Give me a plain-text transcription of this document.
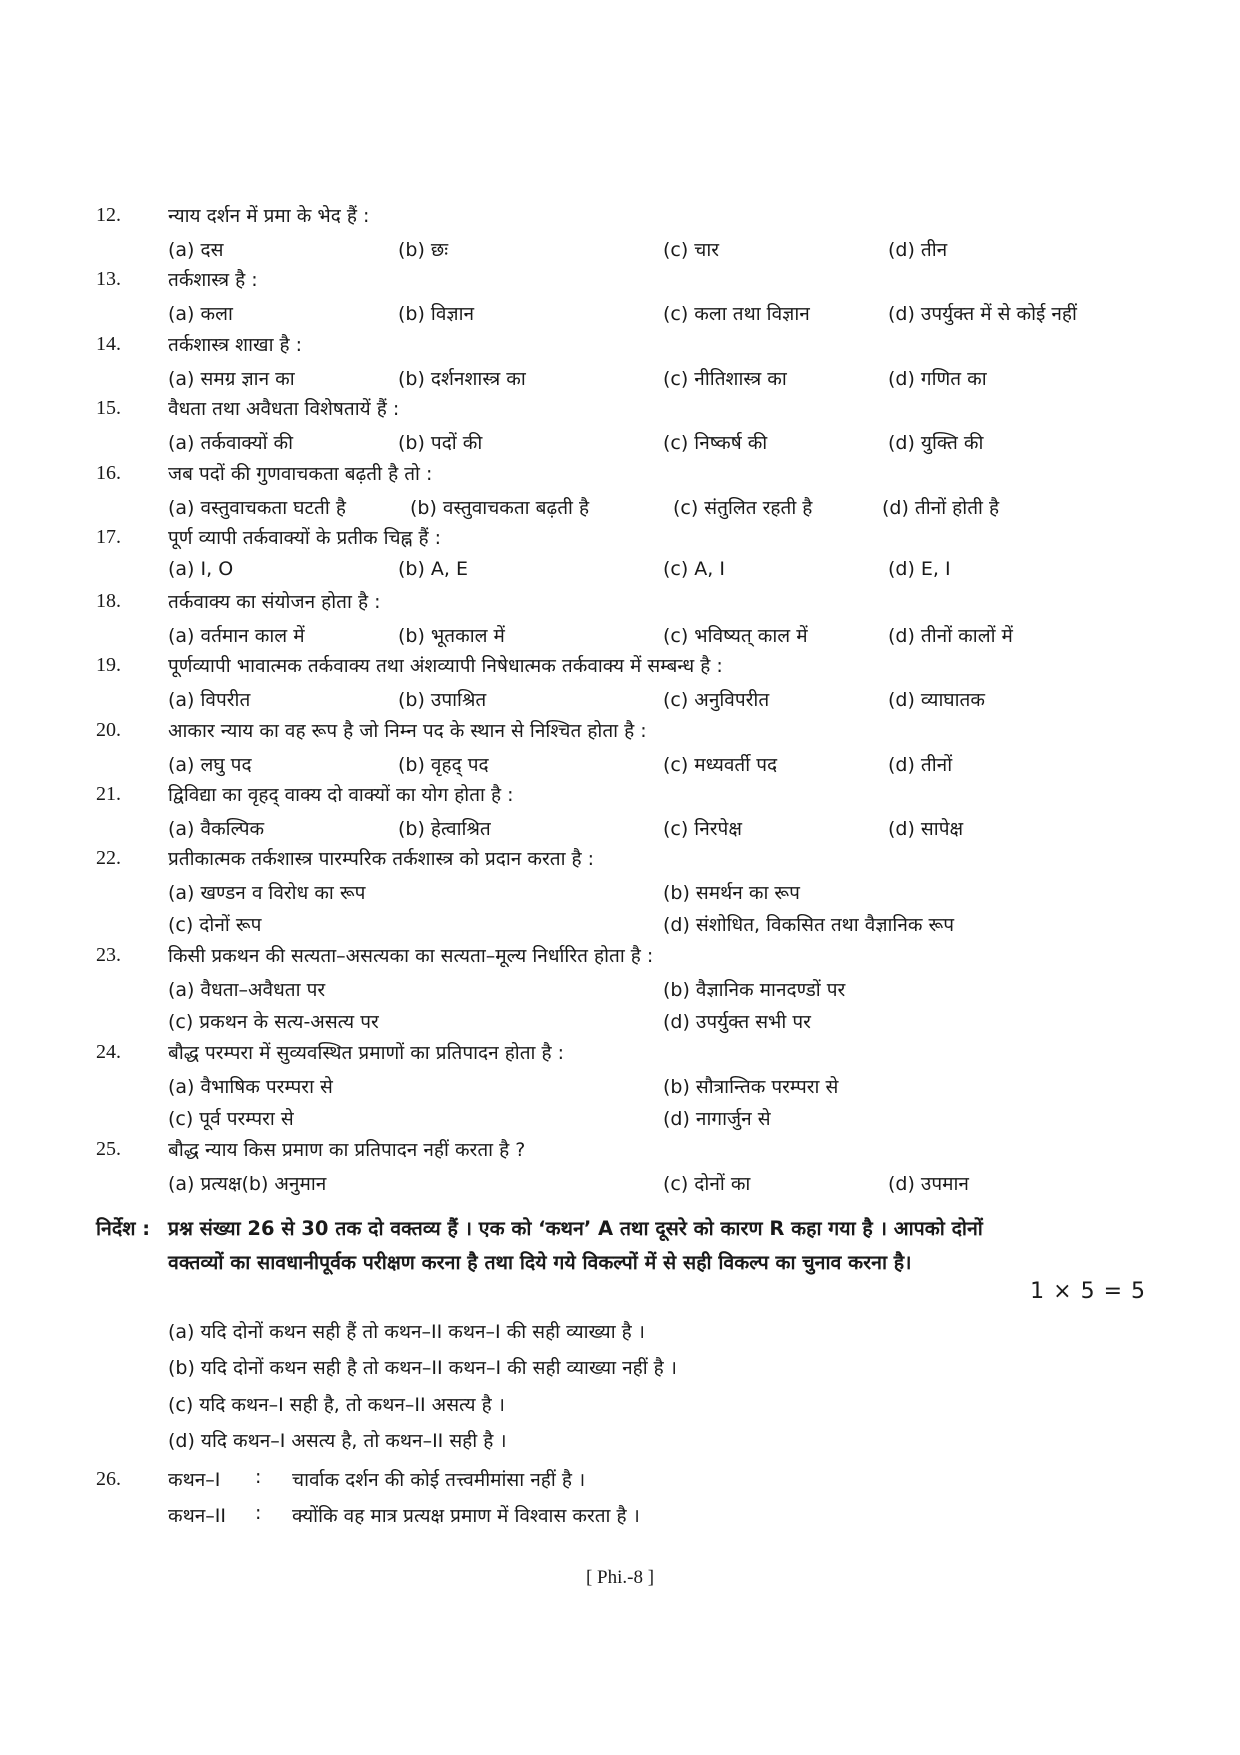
12.	न्याय दर्शन में प्रमा के भेद हैं :
(a) दस	(b) छः	(c) चार	(d) तीन
13.	तर्कशास्त्र है :
(a) कला	(b) विज्ञान	(c) कला तथा विज्ञान	(d) उपर्युक्त में से कोई नहीं
14.	तर्कशास्त्र शाखा है :
(a) समग्र ज्ञान का	(b) दर्शनशास्त्र का	(c) नीतिशास्त्र का	(d) गणित का
15.	वैधता तथा अवैधता विशेषतायें हैं :
(a) तर्कवाक्यों की	(b) पदों की	(c) निष्कर्ष की	(d) युक्ति की
16.	जब पदों की गुणवाचकता बढ़ती है तो :
(a) वस्तुवाचकता घटती है	(b) वस्तुवाचकता बढ़ती है	(c) संतुलित रहती है	(d) तीनों होती है
17.	पूर्ण व्यापी तर्कवाक्यों के प्रतीक चिह्न हैं :
(a) I, O	(b) A, E	(c) A, I	(d) E, I
18.	तर्कवाक्य का संयोजन होता है :
(a) वर्तमान काल में	(b) भूतकाल में	(c) भविष्यत् काल में	(d) तीनों कालों में
19.	पूर्णव्यापी भावात्मक तर्कवाक्य तथा अंशव्यापी निषेधात्मक तर्कवाक्य में सम्बन्ध है :
(a) विपरीत	(b) उपाश्रित	(c) अनुविपरीत	(d) व्याघातक
20.	आकार न्याय का वह रूप है जो निम्न पद के स्थान से निश्चित होता है :
(a) लघु पद	(b) वृहद् पद	(c) मध्यवर्ती पद	(d) तीनों
21.	द्विविद्या का वृहद् वाक्य दो वाक्यों का योग होता है :
(a) वैकल्पिक	(b) हेत्वाश्रित	(c) निरपेक्ष	(d) सापेक्ष
22.	प्रतीकात्मक तर्कशास्त्र पारम्परिक तर्कशास्त्र को प्रदान करता है :
(a) खण्डन व विरोध का रूप	(b) समर्थन का रूप
(c) दोनों रूप	(d) संशोधित, विकसित तथा वैज्ञानिक रूप
23.	किसी प्रकथन की सत्यता–असत्यका का सत्यता–मूल्य निर्धारित होता है :
(a) वैधता–अवैधता पर	(b) वैज्ञानिक मानदण्डों पर
(c) प्रकथन के सत्य-असत्य पर	(d) उपर्युक्त सभी पर
24.	बौद्ध परम्परा में सुव्यवस्थित प्रमाणों का प्रतिपादन होता है :
(a) वैभाषिक परम्परा से	(b) सौत्रान्तिक परम्परा से
(c) पूर्व परम्परा से	(d) नागार्जुन से
25.	बौद्ध न्याय किस प्रमाण का प्रतिपादन नहीं करता है ?
(a) प्रत्यक्ष(b) अनुमान	(c) दोनों का	(d) उपमान
निर्देश : प्रश्न संख्या 26 से 30 तक दो वक्तव्य हैं । एक को ‘कथन’ A तथा दूसरे को कारण R कहा गया है । आपको दोनों
वक्तव्यों का सावधानीपूर्वक परीक्षण करना है तथा दिये गये विकल्पों में से सही विकल्प का चुनाव करना है।
1 × 5 = 5
(a) यदि दोनों कथन सही हैं तो कथन–II कथन–I की सही व्याख्या है ।
(b) यदि दोनों कथन सही है तो कथन–II कथन–I की सही व्याख्या नहीं है ।
(c) यदि कथन–I सही है, तो कथन–II असत्य है ।
(d) यदि कथन–I असत्य है, तो कथन–II सही है ।
26.	कथन–I : चार्वाक दर्शन की कोई तत्त्वमीमांसा नहीं है ।
कथन–II : क्योंकि वह मात्र प्रत्यक्ष प्रमाण में विश्वास करता है ।
[ Phi.-8 ]
